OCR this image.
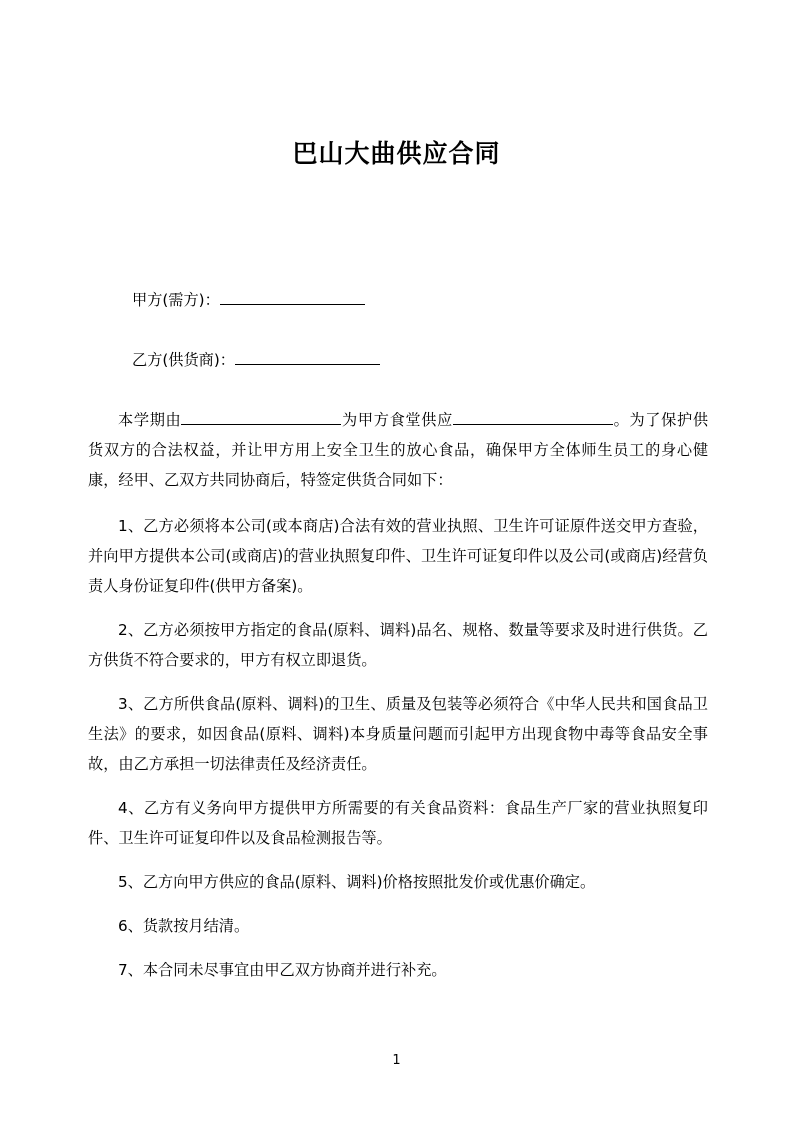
巴山大曲供应合同
甲方(需方)：
乙方(供货商)：
本学期由	为甲方食堂供应	。为了保护供货双方的合法权益，并让甲方用上安全卫生的放心食品，确保甲方全体师生员工的身心健康，经甲、乙双方共同协商后，特签定供货合同如下：
1、乙方必须将本公司(或本商店)合法有效的营业执照、卫生许可证原件送交甲方查验，并向甲方提供本公司(或商店)的营业执照复印件、卫生许可证复印件以及公司(或商店)经营负责人身份证复印件(供甲方备案)。
2、乙方必须按甲方指定的食品(原料、调料)品名、规格、数量等要求及时进行供货。乙方供货不符合要求的，甲方有权立即退货。
3、乙方所供食品(原料、调料)的卫生、质量及包装等必须符合《中华人民共和国食品卫生法》的要求，如因食品(原料、调料)本身质量问题而引起甲方出现食物中毒等食品安全事故，由乙方承担一切法律责任及经济责任。
4、乙方有义务向甲方提供甲方所需要的有关食品资料：食品生产厂家的营业执照复印件、卫生许可证复印件以及食品检测报告等。
5、乙方向甲方供应的食品(原料、调料)价格按照批发价或优惠价确定。
6、货款按月结清。
7、本合同未尽事宜由甲乙双方协商并进行补充。
1
